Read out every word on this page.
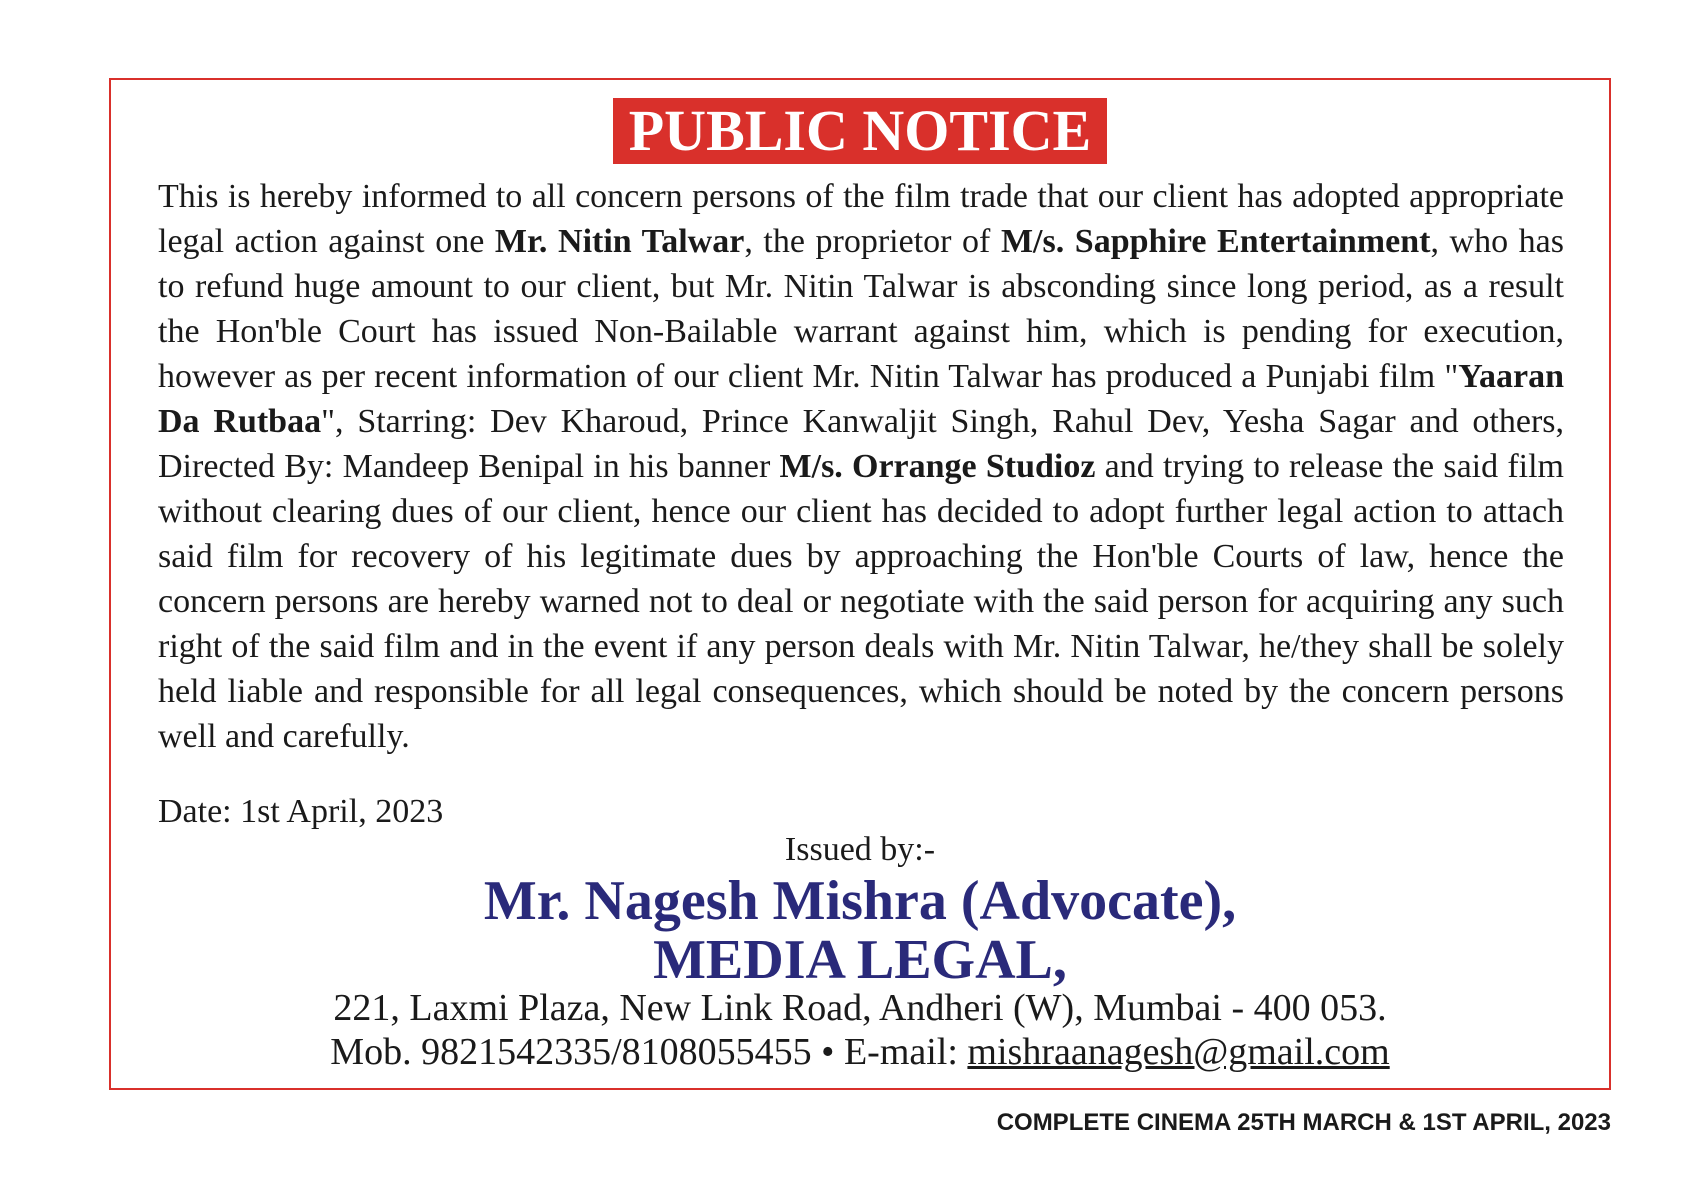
PUBLIC NOTICE

This is hereby informed to all concern persons of the film trade that our client has adopted appropriate legal action against one Mr. Nitin Talwar, the proprietor of M/s. Sapphire Entertainment, who has to refund huge amount to our client, but Mr. Nitin Talwar is absconding since long period, as a result the Hon'ble Court has issued Non-Bailable warrant against him, which is pending for execution, however as per recent information of our client Mr. Nitin Talwar has produced a Punjabi film "Yaaran Da Rutbaa", Starring: Dev Kharoud, Prince Kanwaljit Singh, Rahul Dev, Yesha Sagar and others, Directed By: Mandeep Benipal in his banner M/s. Orrange Studioz and trying to release the said film without clearing dues of our client, hence our client has decided to adopt further legal action to attach said film for recovery of his legitimate dues by approaching the Hon'ble Courts of law, hence the concern persons are hereby warned not to deal or negotiate with the said person for acquiring any such right of the said film and in the event if any person deals with Mr. Nitin Talwar, he/they shall be solely held liable and responsible for all legal consequences, which should be noted by the concern persons well and carefully.

Date: 1st April, 2023
Issued by:-
Mr. Nagesh Mishra (Advocate),
MEDIA LEGAL,
221, Laxmi Plaza, New Link Road, Andheri (W), Mumbai - 400 053.
Mob. 9821542335/8108055455 • E-mail: mishraanagesh@gmail.com
COMPLETE CINEMA 25TH MARCH & 1ST APRIL, 2023
